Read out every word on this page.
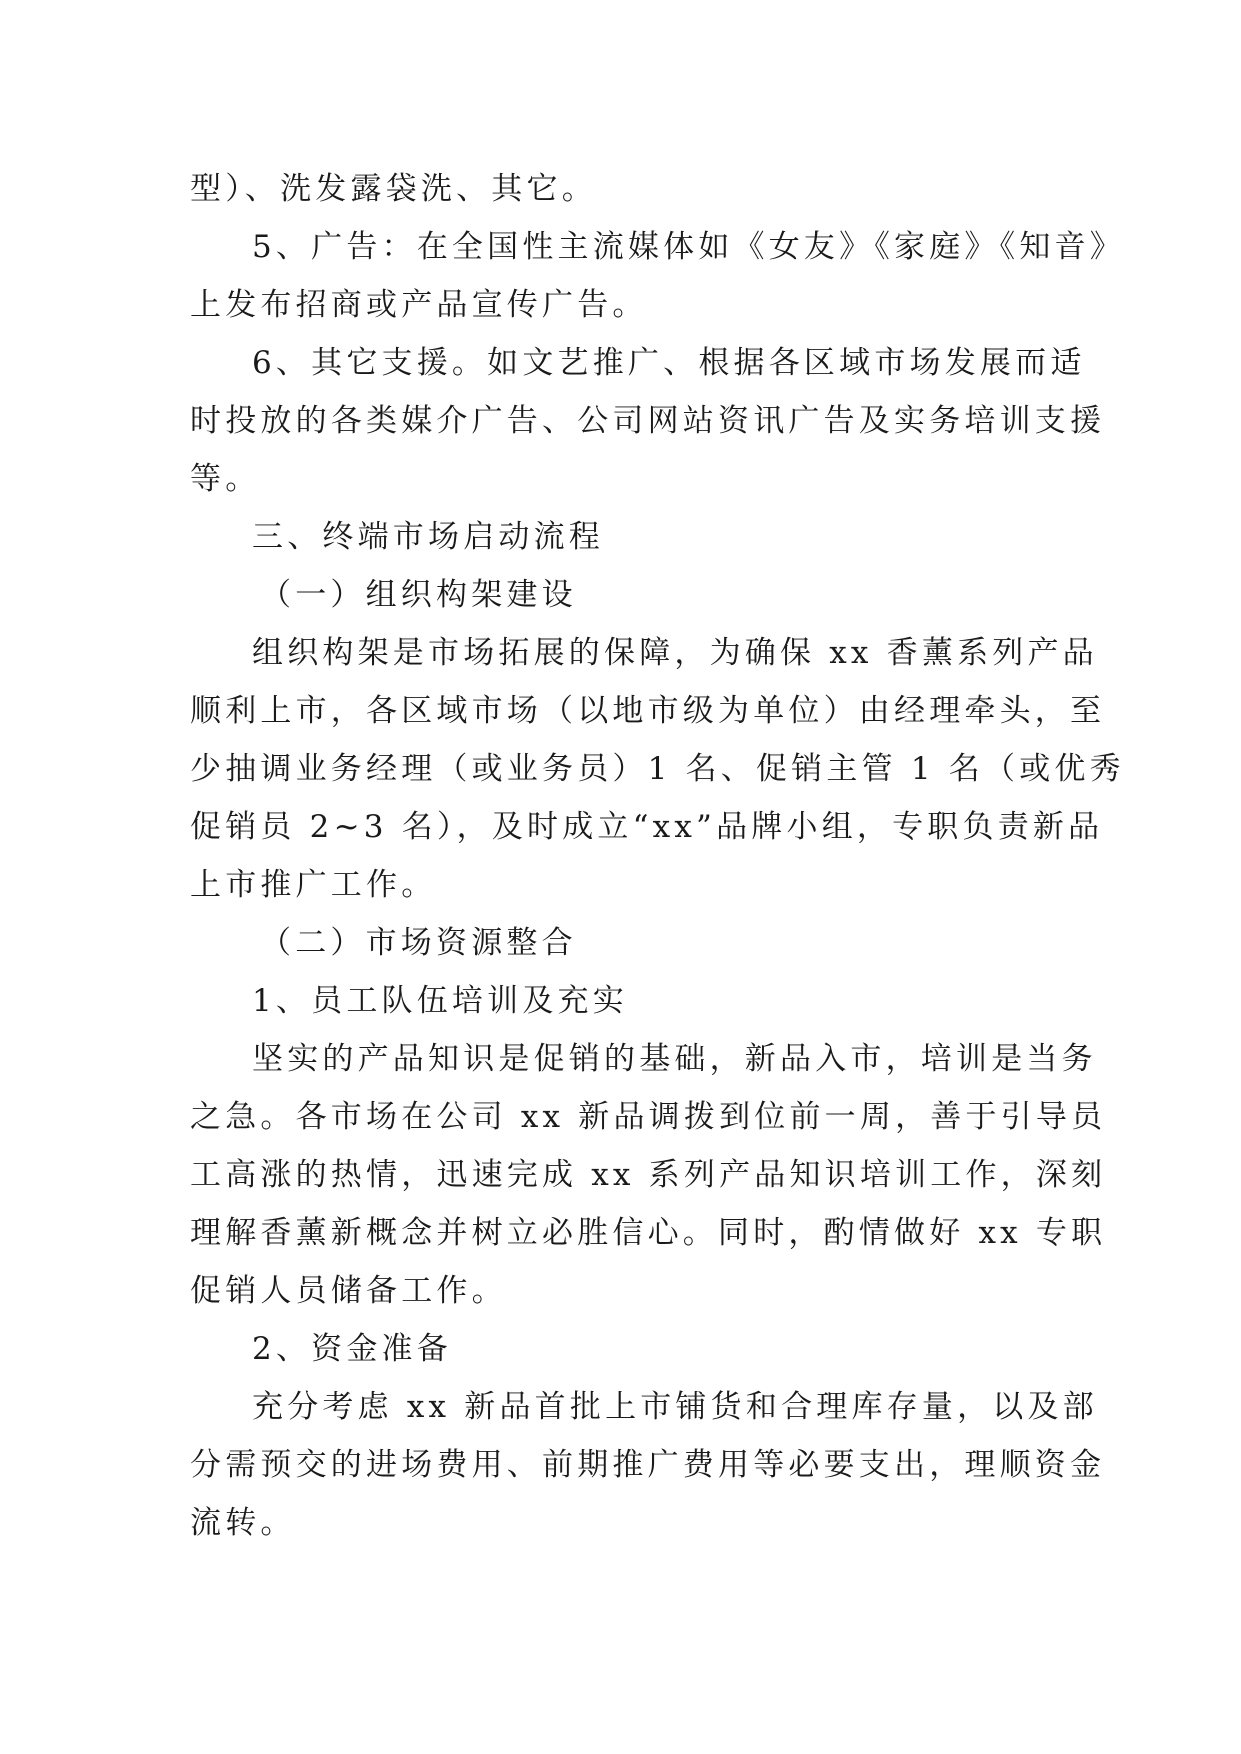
型）、洗发露袋洗、其它。
5、广告：在全国性主流媒体如《女友》《家庭》《知音》
上发布招商或产品宣传广告。
6、其它支援。如文艺推广、根据各区域市场发展而适
时投放的各类媒介广告、公司网站资讯广告及实务培训支援
等。
三、终端市场启动流程
（一）组织构架建设
组织构架是市场拓展的保障，为确保 xx 香薰系列产品
顺利上市，各区域市场（以地市级为单位）由经理牵头，至
少抽调业务经理（或业务员）1 名、促销主管 1 名（或优秀
促销员 2~3 名），及时成立“xx”品牌小组，专职负责新品
上市推广工作。
（二）市场资源整合
1、员工队伍培训及充实
坚实的产品知识是促销的基础，新品入市，培训是当务
之急。各市场在公司 xx 新品调拨到位前一周，善于引导员
工高涨的热情，迅速完成 xx 系列产品知识培训工作，深刻
理解香薰新概念并树立必胜信心。同时，酌情做好 xx 专职
促销人员储备工作。
2、资金准备
充分考虑 xx 新品首批上市铺货和合理库存量，以及部
分需预交的进场费用、前期推广费用等必要支出，理顺资金
流转。
